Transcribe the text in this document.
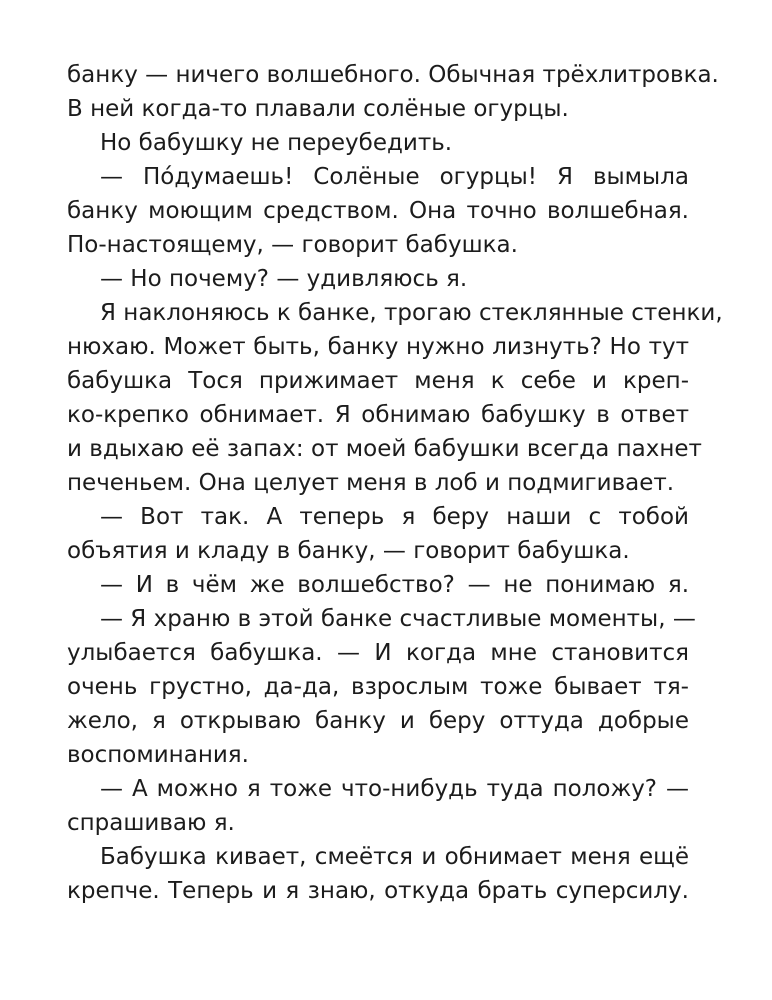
банку — ничего волшебного. Обычная трёхлитровка.
В ней когда-то плавали солёные огурцы.
Но бабушку не переубедить.
— По́думаешь! Солёные огурцы! Я вымыла
банку моющим средством. Она точно волшебная.
По-настоящему, — говорит бабушка.
— Но почему? — удивляюсь я.
Я наклоняюсь к банке, трогаю стеклянные стенки,
нюхаю. Может быть, банку нужно лизнуть? Но тут
бабушка Тося прижимает меня к себе и креп-
ко-крепко обнимает. Я обнимаю бабушку в ответ
и вдыхаю её запах: от моей бабушки всегда пахнет
печеньем. Она целует меня в лоб и подмигивает.
— Вот так. А теперь я беру наши с тобой
объятия и кладу в банку, — говорит бабушка.
— И в чём же волшебство? — не понимаю я.
— Я храню в этой банке счастливые моменты, —
улыбается бабушка. — И когда мне становится
очень грустно, да-да, взрослым тоже бывает тя-
жело, я открываю банку и беру оттуда добрые
воспоминания.
— А можно я тоже что-нибудь туда положу? —
спрашиваю я.
Бабушка кивает, смеётся и обнимает меня ещё
крепче. Теперь и я знаю, откуда брать суперсилу.
